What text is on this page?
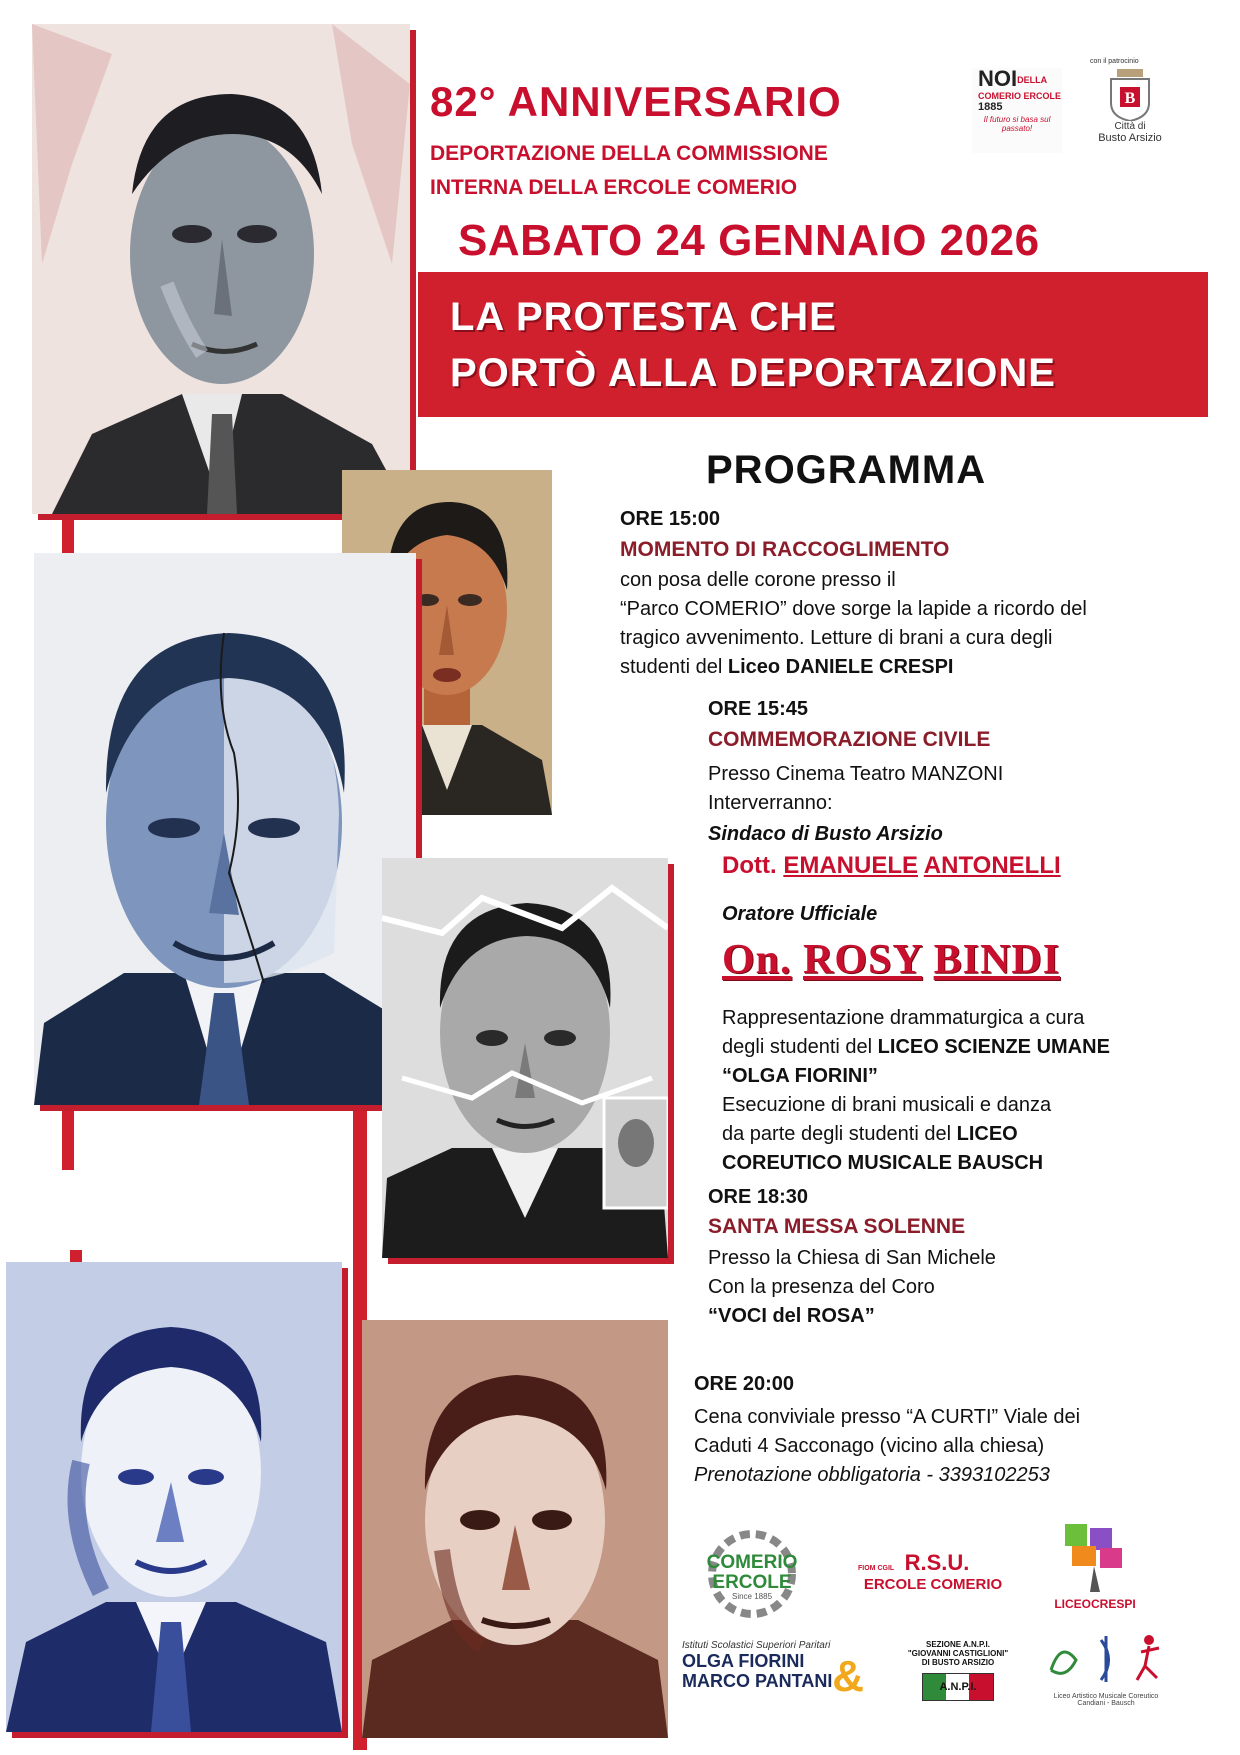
82° ANNIVERSARIO
DEPORTAZIONE DELLA COMMISSIONE
INTERNA DELLA ERCOLE COMERIO
SABATO 24 GENNAIO 2026
LA PROTESTA CHE
PORTÒ ALLA DEPORTAZIONE
NOIDELLA
COMERIO ERCOLE
1885
Il futuro si basa sul passato!
con il patrocinio
B
Città di
Busto Arsizio
PROGRAMMA
ORE 15:00
MOMENTO DI RACCOGLIMENTO
con posa delle corone presso il
“Parco COMERIO” dove sorge la lapide a ricordo del
tragico avvenimento. Letture di brani a cura degli
studenti del Liceo DANIELE CRESPI
ORE 15:45
COMMEMORAZIONE CIVILE
Presso Cinema Teatro MANZONI
Interverranno:
Sindaco di Busto Arsizio
Dott. EMANUELE ANTONELLI
Oratore Ufficiale
On. ROSY BINDI
Rappresentazione drammaturgica a cura
degli studenti del LICEO SCIENZE UMANE
“OLGA FIORINI”
Esecuzione di brani musicali e danza
da parte degli studenti del LICEO
COREUTICO MUSICALE BAUSCH
ORE 18:30
SANTA MESSA SOLENNE
Presso la Chiesa di San Michele
Con la presenza del Coro
“VOCI del ROSA”
ORE 20:00
Cena conviviale presso “A CURTI” Viale dei
Caduti 4 Sacconago (vicino alla chiesa)
Prenotazione obbligatoria - 3393102253
COMERIO
ERCOLE
Since 1885
FIOM CGIL R.S.U.
ERCOLE COMERIO
LICEOCRESPI
Istituti Scolastici Superiori Paritari
OLGA FIORINI
MARCO PANTANI &
SEZIONE A.N.P.I.
"GIOVANNI CASTIGLIONI"
DI BUSTO ARSIZIO
A.N.P.I.
Liceo Artistico Musicale Coreutico
Candiani - Bausch
